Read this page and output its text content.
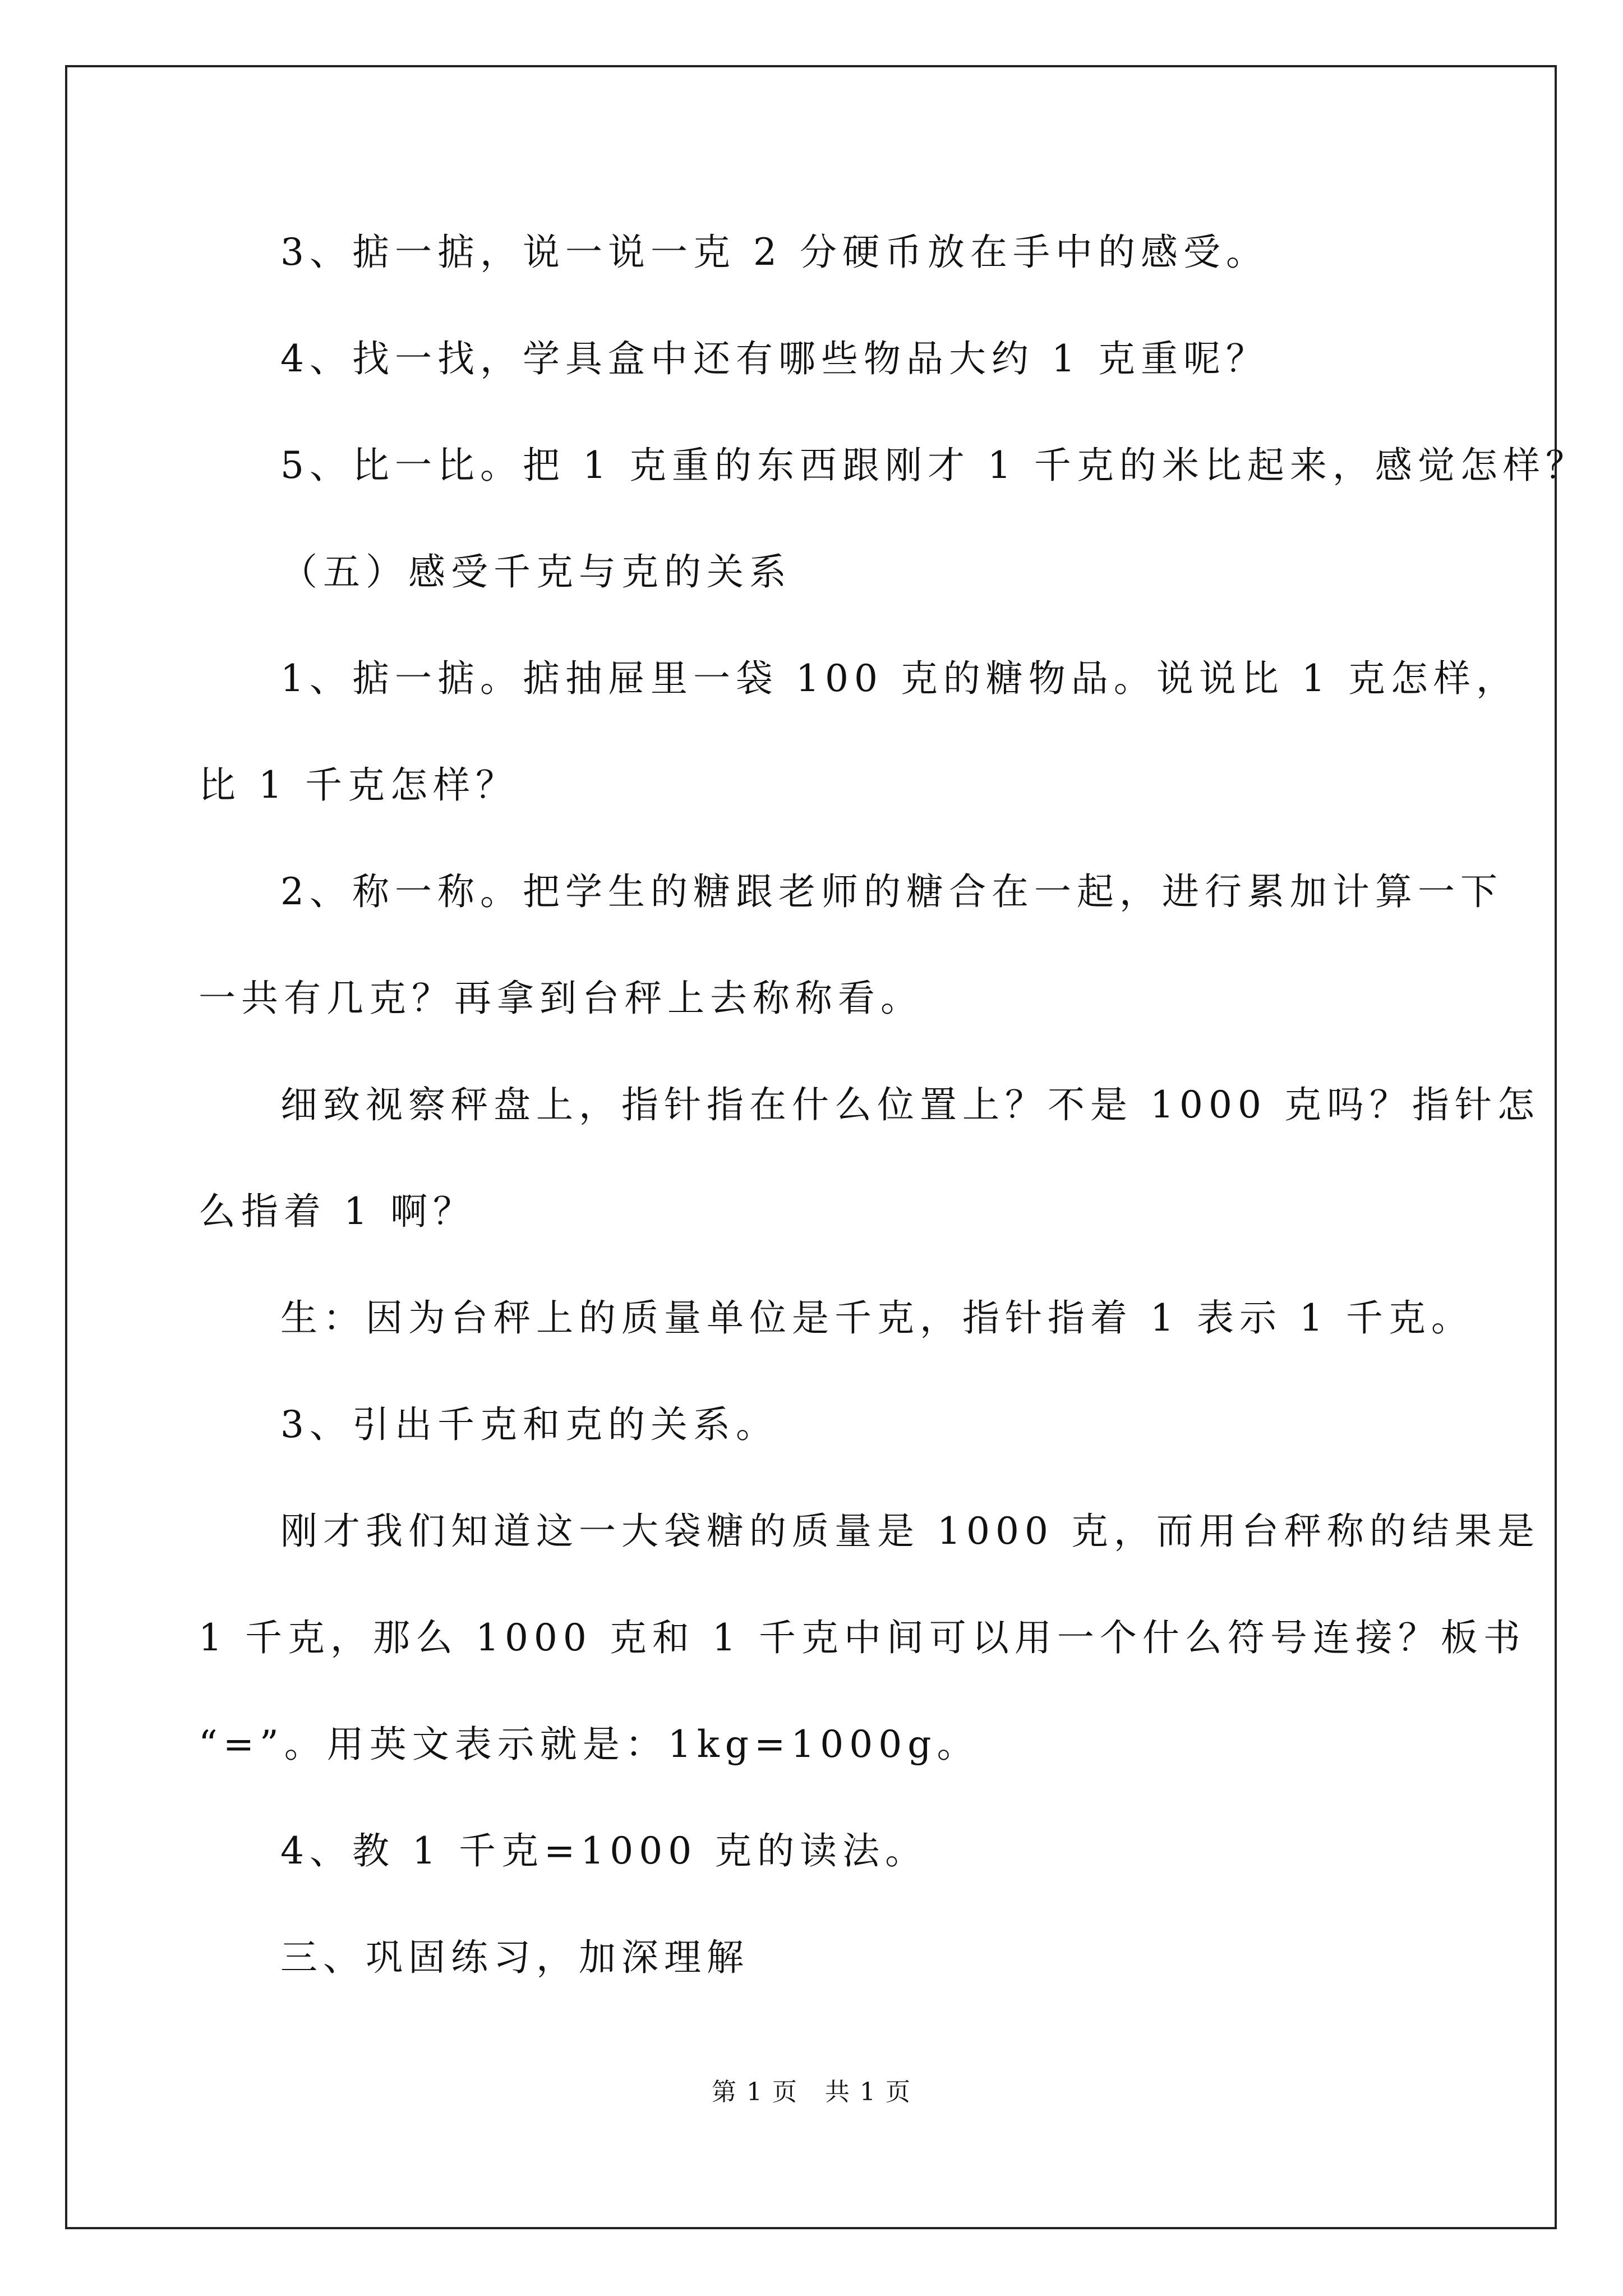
3、掂一掂，说一说一克 2 分硬币放在手中的感受。
4、找一找，学具盒中还有哪些物品大约 1 克重呢？
5、比一比。把 1 克重的东西跟刚才 1 千克的米比起来，感觉怎样？
（五）感受千克与克的关系
1、掂一掂。掂抽屉里一袋 100 克的糖物品。说说比 1 克怎样，
比 1 千克怎样？
2、称一称。把学生的糖跟老师的糖合在一起，进行累加计算一下
一共有几克？再拿到台秤上去称称看。
细致视察秤盘上，指针指在什么位置上？不是 1000 克吗？指针怎
么指着 1 啊？
生：因为台秤上的质量单位是千克，指针指着 1 表示 1 千克。
3、引出千克和克的关系。
刚才我们知道这一大袋糖的质量是 1000 克，而用台秤称的结果是
1 千克，那么 1000 克和 1 千克中间可以用一个什么符号连接？板书
“=”。用英文表示就是：1kg=1000g。
4、教 1 千克=1000 克的读法。
三、巩固练习，加深理解
第 1 页   共 1 页
